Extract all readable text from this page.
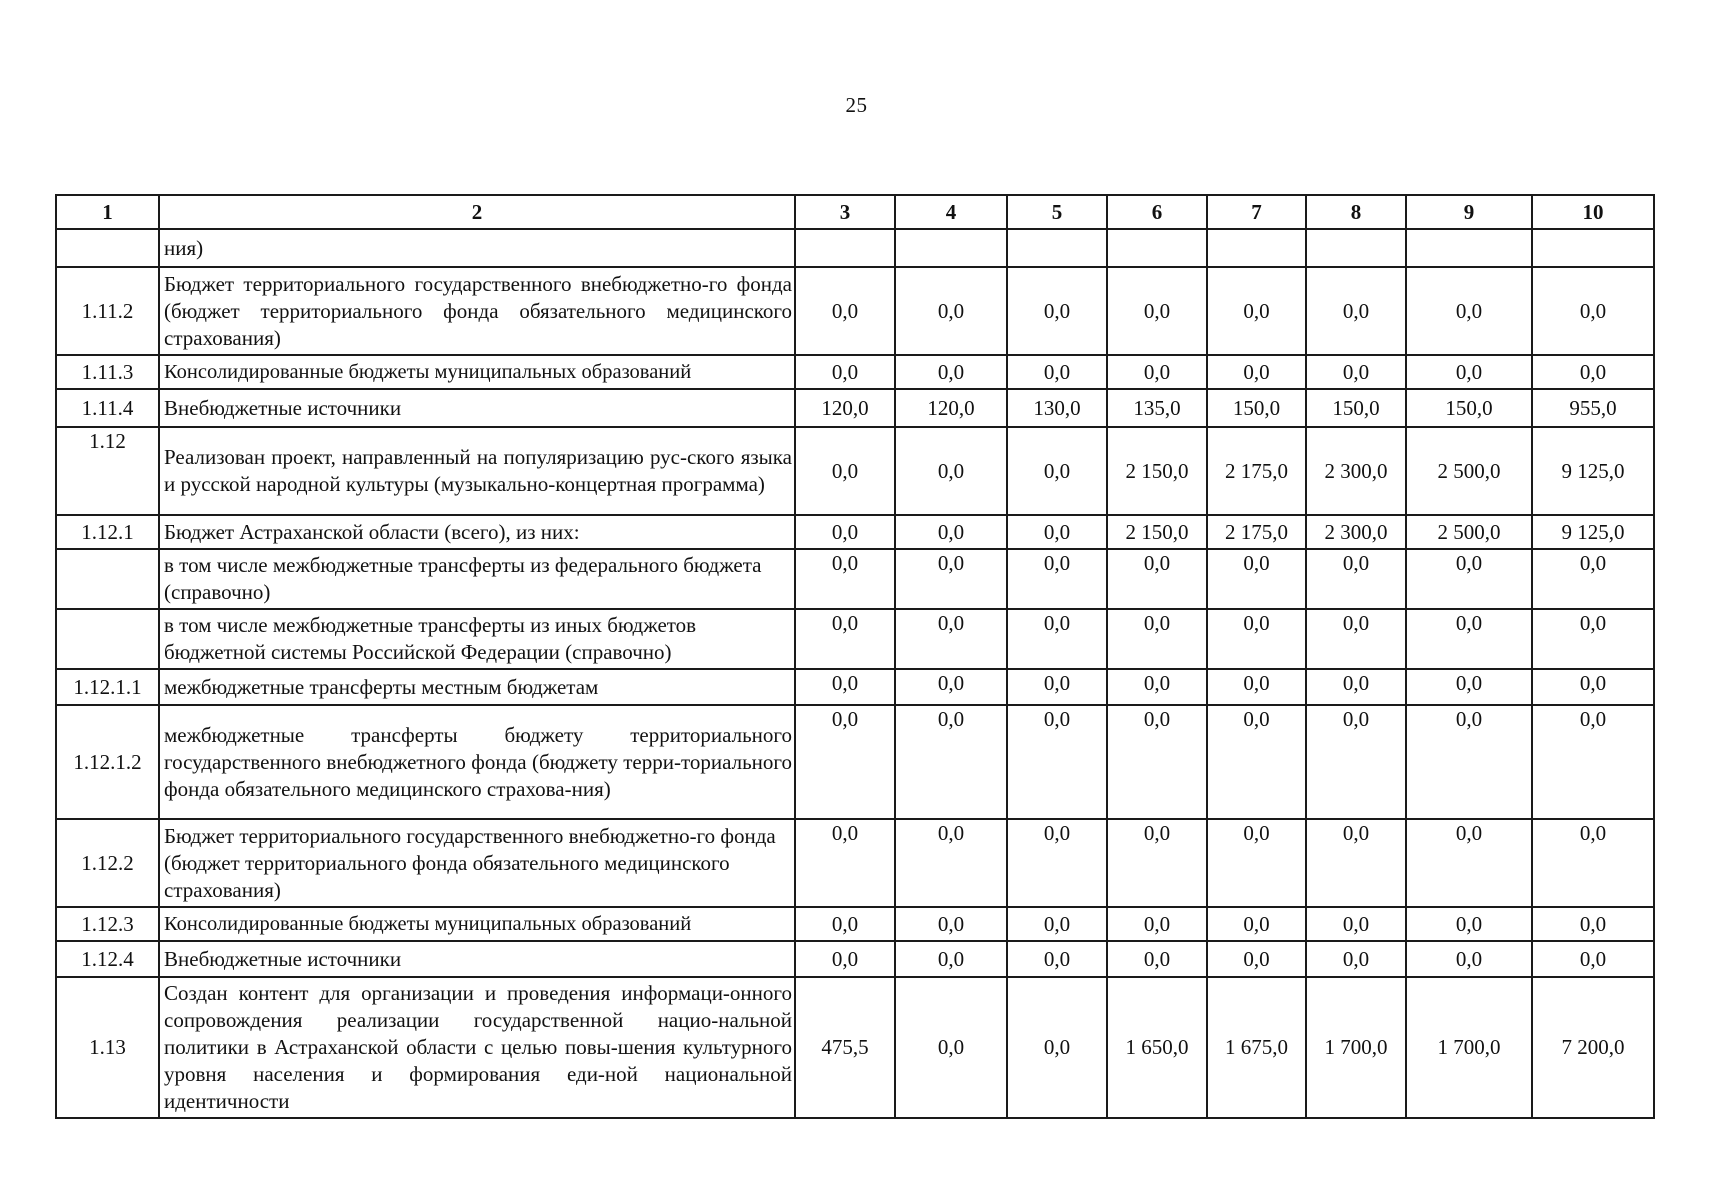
25
1	2	3	4	5	6	7	8	9	10
	ния)								
1.11.2	Бюджет территориального государственного внебюджетно-го фонда (бюджет территориального фонда обязательного медицинского страхования)	0,0	0,0	0,0	0,0	0,0	0,0	0,0	0,0
1.11.3	Консолидированные бюджеты муниципальных образований	0,0	0,0	0,0	0,0	0,0	0,0	0,0	0,0
1.11.4	Внебюджетные источники	120,0	120,0	130,0	135,0	150,0	150,0	150,0	955,0
1.12	Реализован проект, направленный на популяризацию рус-ского языка и русской народной культуры (музыкально-концертная программа)	0,0	0,0	0,0	2 150,0	2 175,0	2 300,0	2 500,0	9 125,0
1.12.1	Бюджет Астраханской области (всего), из них:	0,0	0,0	0,0	2 150,0	2 175,0	2 300,0	2 500,0	9 125,0
	в том числе межбюджетные трансферты из федерального бюджета (справочно)	0,0	0,0	0,0	0,0	0,0	0,0	0,0	0,0
	в том числе межбюджетные трансферты из иных бюджетов бюджетной системы Российской Федерации (справочно)	0,0	0,0	0,0	0,0	0,0	0,0	0,0	0,0
1.12.1.1	межбюджетные трансферты местным бюджетам	0,0	0,0	0,0	0,0	0,0	0,0	0,0	0,0
1.12.1.2	межбюджетные трансферты бюджету территориального государственного внебюджетного фонда (бюджету терри-ториального фонда обязательного медицинского страхова-ния)	0,0	0,0	0,0	0,0	0,0	0,0	0,0	0,0
1.12.2	Бюджет территориального государственного внебюджетно-го фонда (бюджет территориального фонда обязательного медицинского страхования)	0,0	0,0	0,0	0,0	0,0	0,0	0,0	0,0
1.12.3	Консолидированные бюджеты муниципальных образований	0,0	0,0	0,0	0,0	0,0	0,0	0,0	0,0
1.12.4	Внебюджетные источники	0,0	0,0	0,0	0,0	0,0	0,0	0,0	0,0
1.13	Создан контент для организации и проведения информаци-онного сопровождения реализации государственной нацио-нальной политики в Астраханской области с целью повы-шения культурного уровня населения и формирования еди-ной национальной идентичности	475,5	0,0	0,0	1 650,0	1 675,0	1 700,0	1 700,0	7 200,0
